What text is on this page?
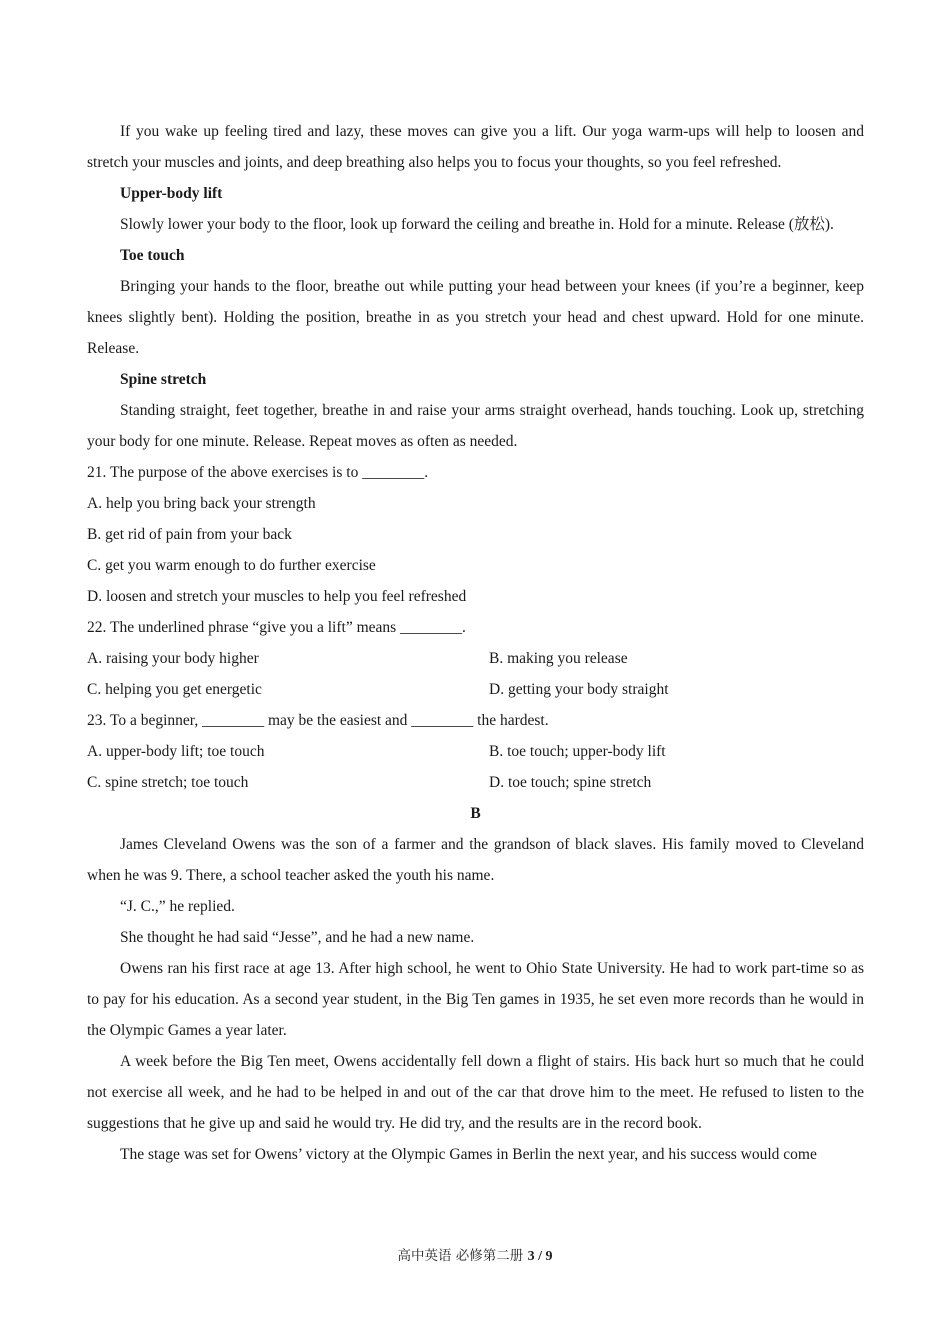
If you wake up feeling tired and lazy, these moves can give you a lift. Our yoga warm-ups will help to loosen and stretch your muscles and joints, and deep breathing also helps you to focus your thoughts, so you feel refreshed.
Upper-body lift
Slowly lower your body to the floor, look up forward the ceiling and breathe in. Hold for a minute. Release (放松).
Toe touch
Bringing your hands to the floor, breathe out while putting your head between your knees (if you’re a beginner, keep knees slightly bent). Holding the position, breathe in as you stretch your head and chest upward. Hold for one minute. Release.
Spine stretch
Standing straight, feet together, breathe in and raise your arms straight overhead, hands touching. Look up, stretching your body for one minute. Release. Repeat moves as often as needed.
21. The purpose of the above exercises is to ________.
A. help you bring back your strength
B. get rid of pain from your back
C. get you warm enough to do further exercise
D. loosen and stretch your muscles to help you feel refreshed
22. The underlined phrase “give you a lift” means ________.
A. raising your body higher	B. making you release
C. helping you get energetic	D. getting your body straight
23. To a beginner, ________ may be the easiest and ________ the hardest.
A. upper-body lift; toe touch	B. toe touch; upper-body lift
C. spine stretch; toe touch	D. toe touch; spine stretch
B
James Cleveland Owens was the son of a farmer and the grandson of black slaves. His family moved to Cleveland when he was 9. There, a school teacher asked the youth his name.
“J. C.,” he replied.
She thought he had said “Jesse”, and he had a new name.
Owens ran his first race at age 13. After high school, he went to Ohio State University. He had to work part-time so as to pay for his education. As a second year student, in the Big Ten games in 1935, he set even more records than he would in the Olympic Games a year later.
A week before the Big Ten meet, Owens accidentally fell down a flight of stairs. His back hurt so much that he could not exercise all week, and he had to be helped in and out of the car that drove him to the meet. He refused to listen to the suggestions that he give up and said he would try. He did try, and the results are in the record book.
The stage was set for Owens’ victory at the Olympic Games in Berlin the next year, and his success would come
高中英语 必修第二册 3 / 9
